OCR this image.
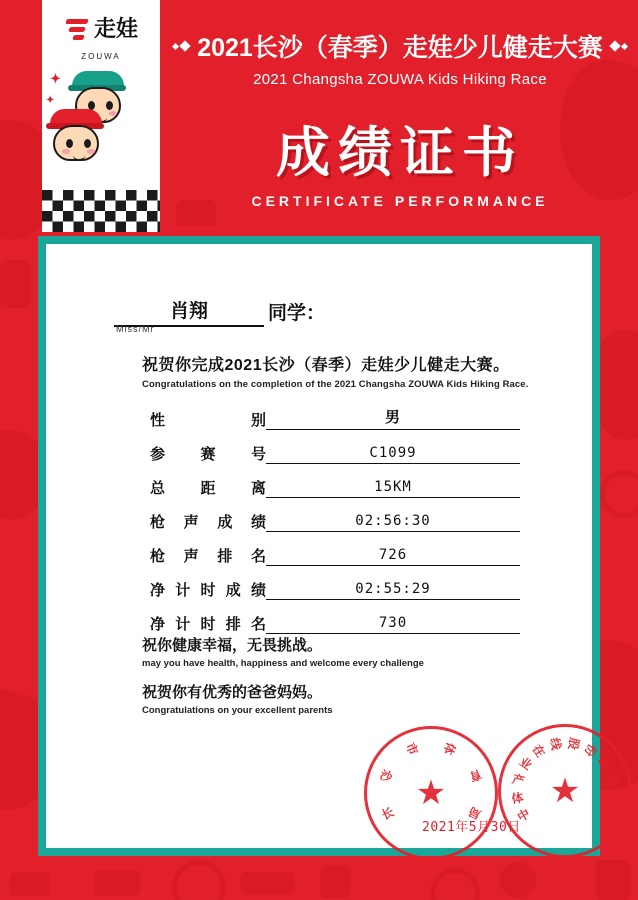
走娃
ZOUWA
✦
✦
2021长沙（春季）走娃少儿健走大赛
2021 Changsha ZOUWA Kids Hiking Race
成绩证书
CERTIFICATE PERFORMANCE
肖翔	同学：
Miss/Mr
祝贺你完成2021长沙（春季）走娃少儿健走大赛。
Congratulations on the completion of the 2021 Changsha ZOUWA Kids Hiking Race.
性	别	男
参 赛 号	C1099
总 距 离	15KM
枪 声 成 绩	02:56:30
枪 声 排 名	726
净 计 时 成 绩	02:55:29
净 计 时 排 名	730
祝你健康幸福，无畏挑战。
may you have health, happiness and welcome every challenge
祝贺你有优秀的爸爸妈妈。
Congratulations on your excellent parents
长
沙
市 体
育
局
★
中
体
产
业
在 线 股 份
有
限
公
司
★
2021年5月30日
